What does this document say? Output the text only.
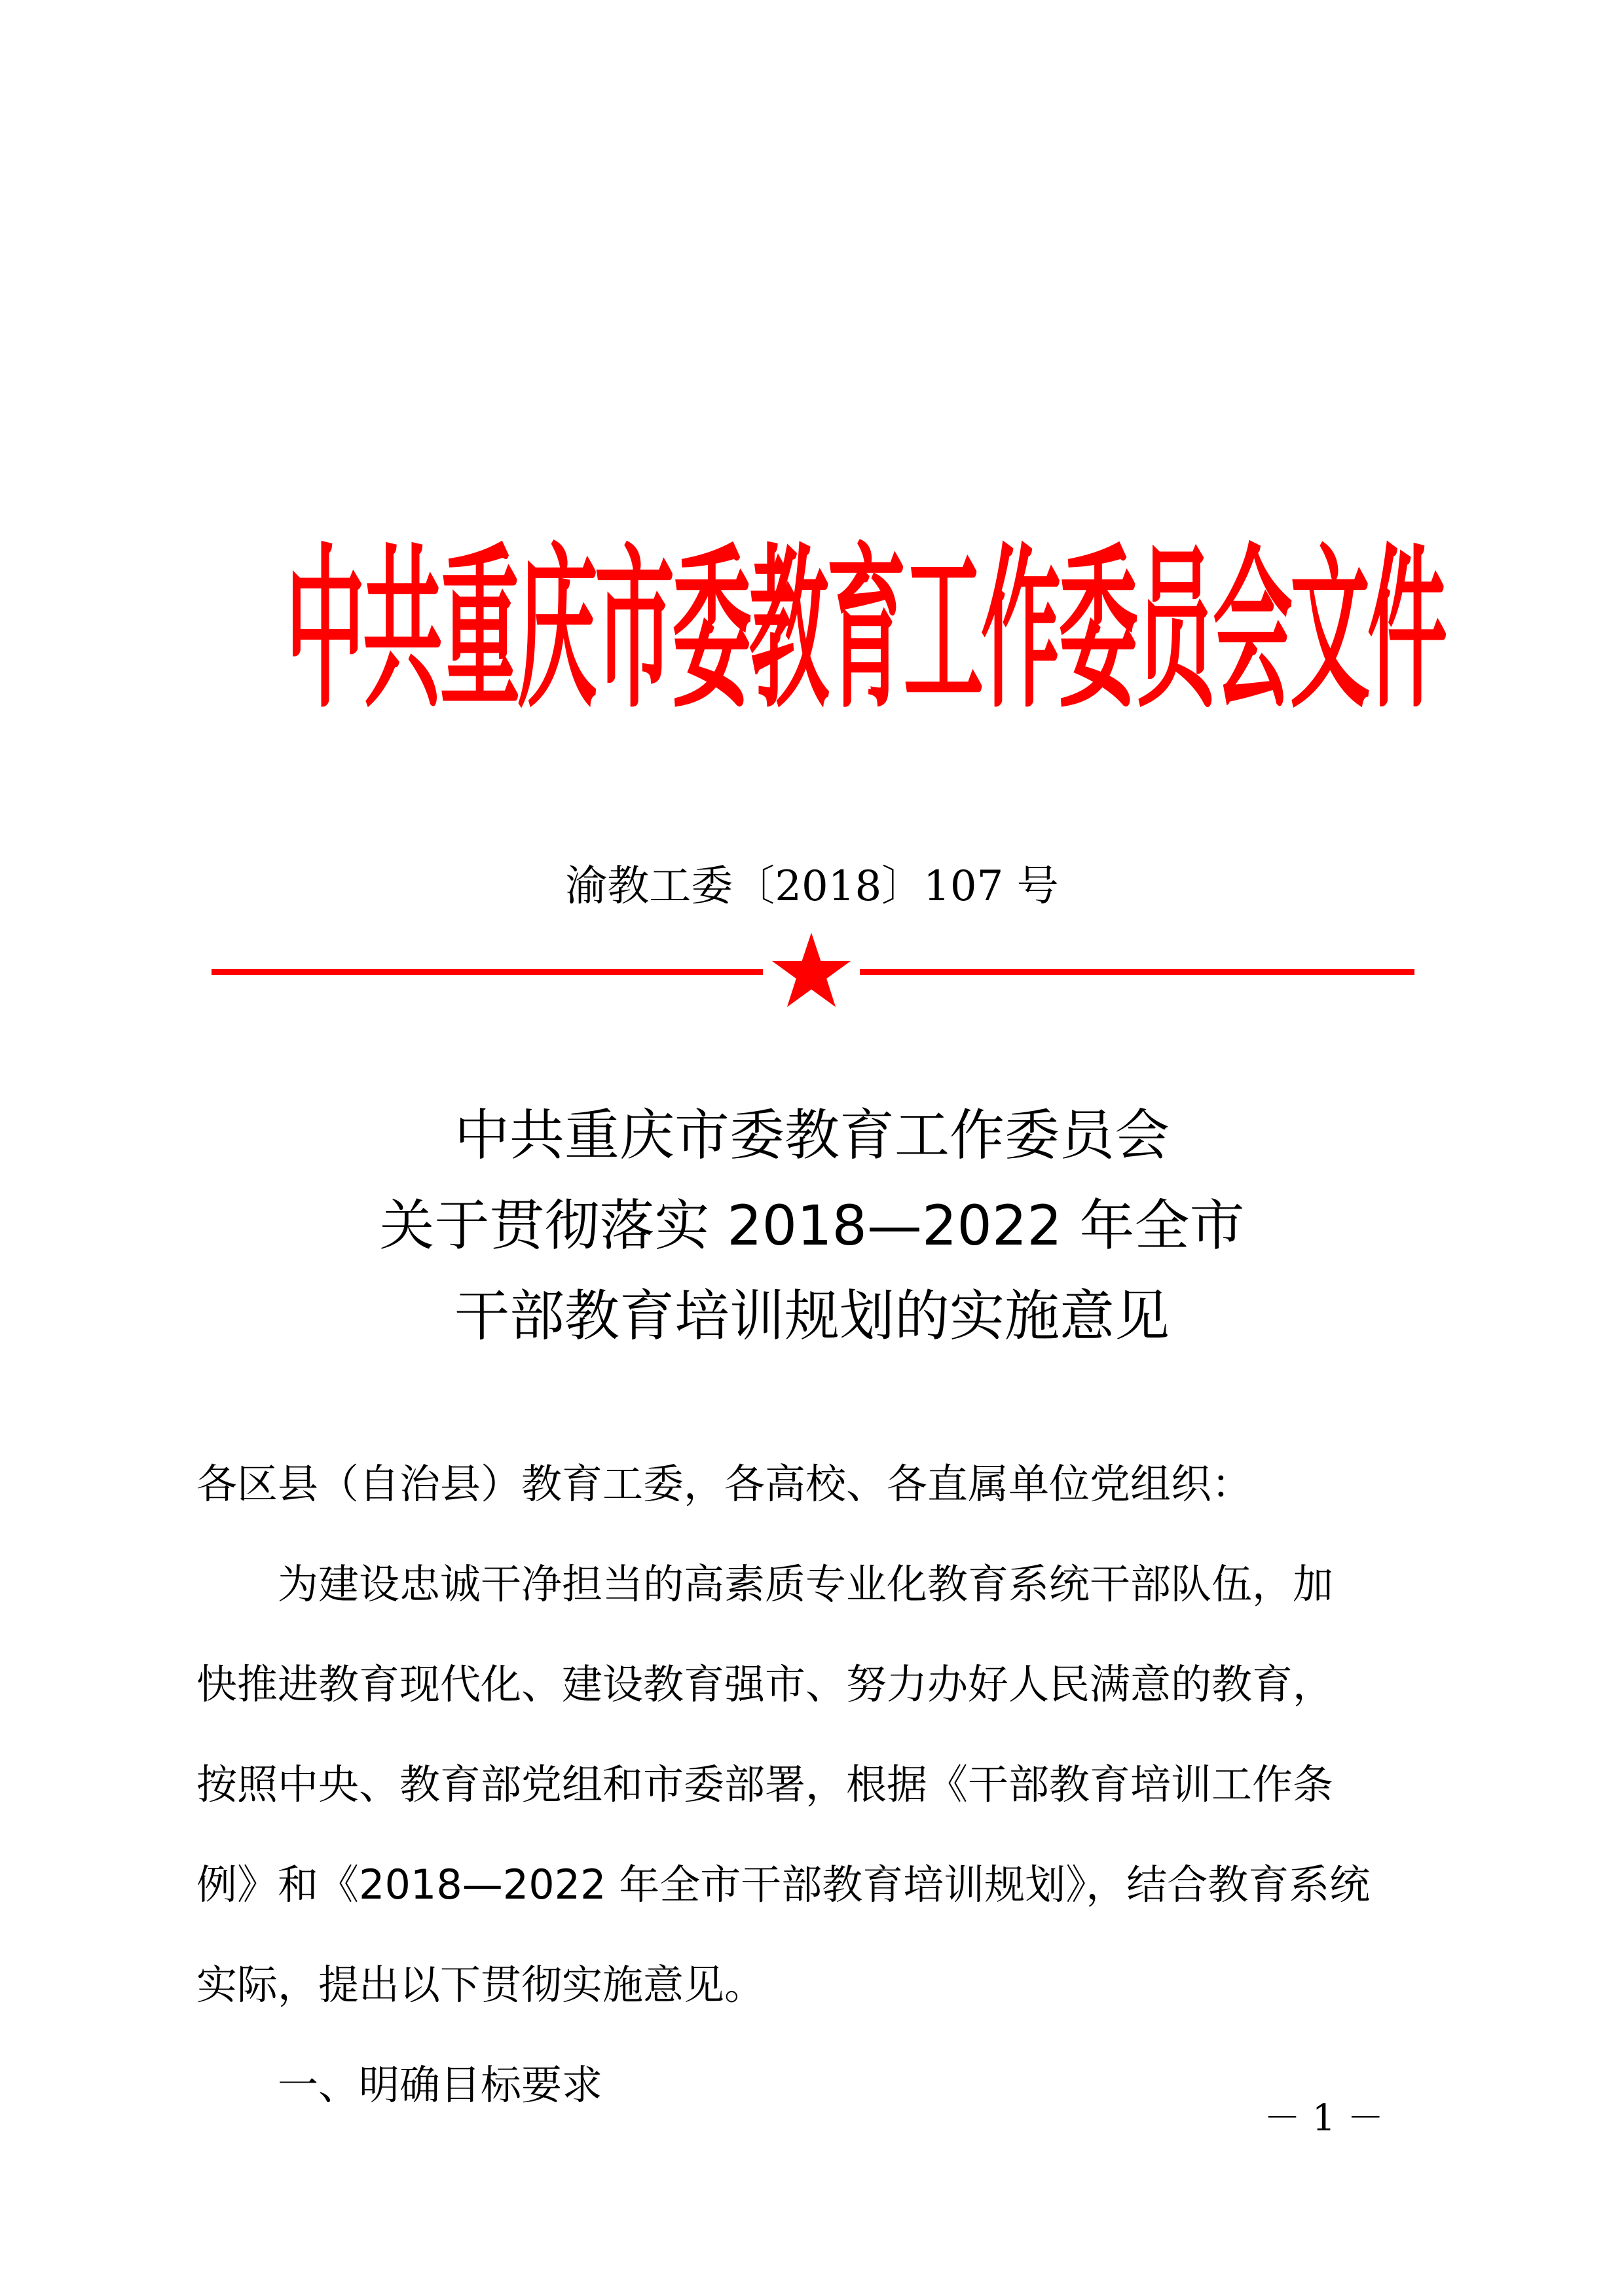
中共重庆市委教育工作委员会文件
渝教工委〔2018〕107 号
中共重庆市委教育工作委员会
关于贯彻落实 2018—2022 年全市
干部教育培训规划的实施意见
各区县（自治县）教育工委，各高校、各直属单位党组织：
为建设忠诚干净担当的高素质专业化教育系统干部队伍，加
快推进教育现代化、建设教育强市、努力办好人民满意的教育，
按照中央、教育部党组和市委部署，根据《干部教育培训工作条
例》和《2018—2022 年全市干部教育培训规划》，结合教育系统
实际，提出以下贯彻实施意见。
一、明确目标要求
－ 1 －
